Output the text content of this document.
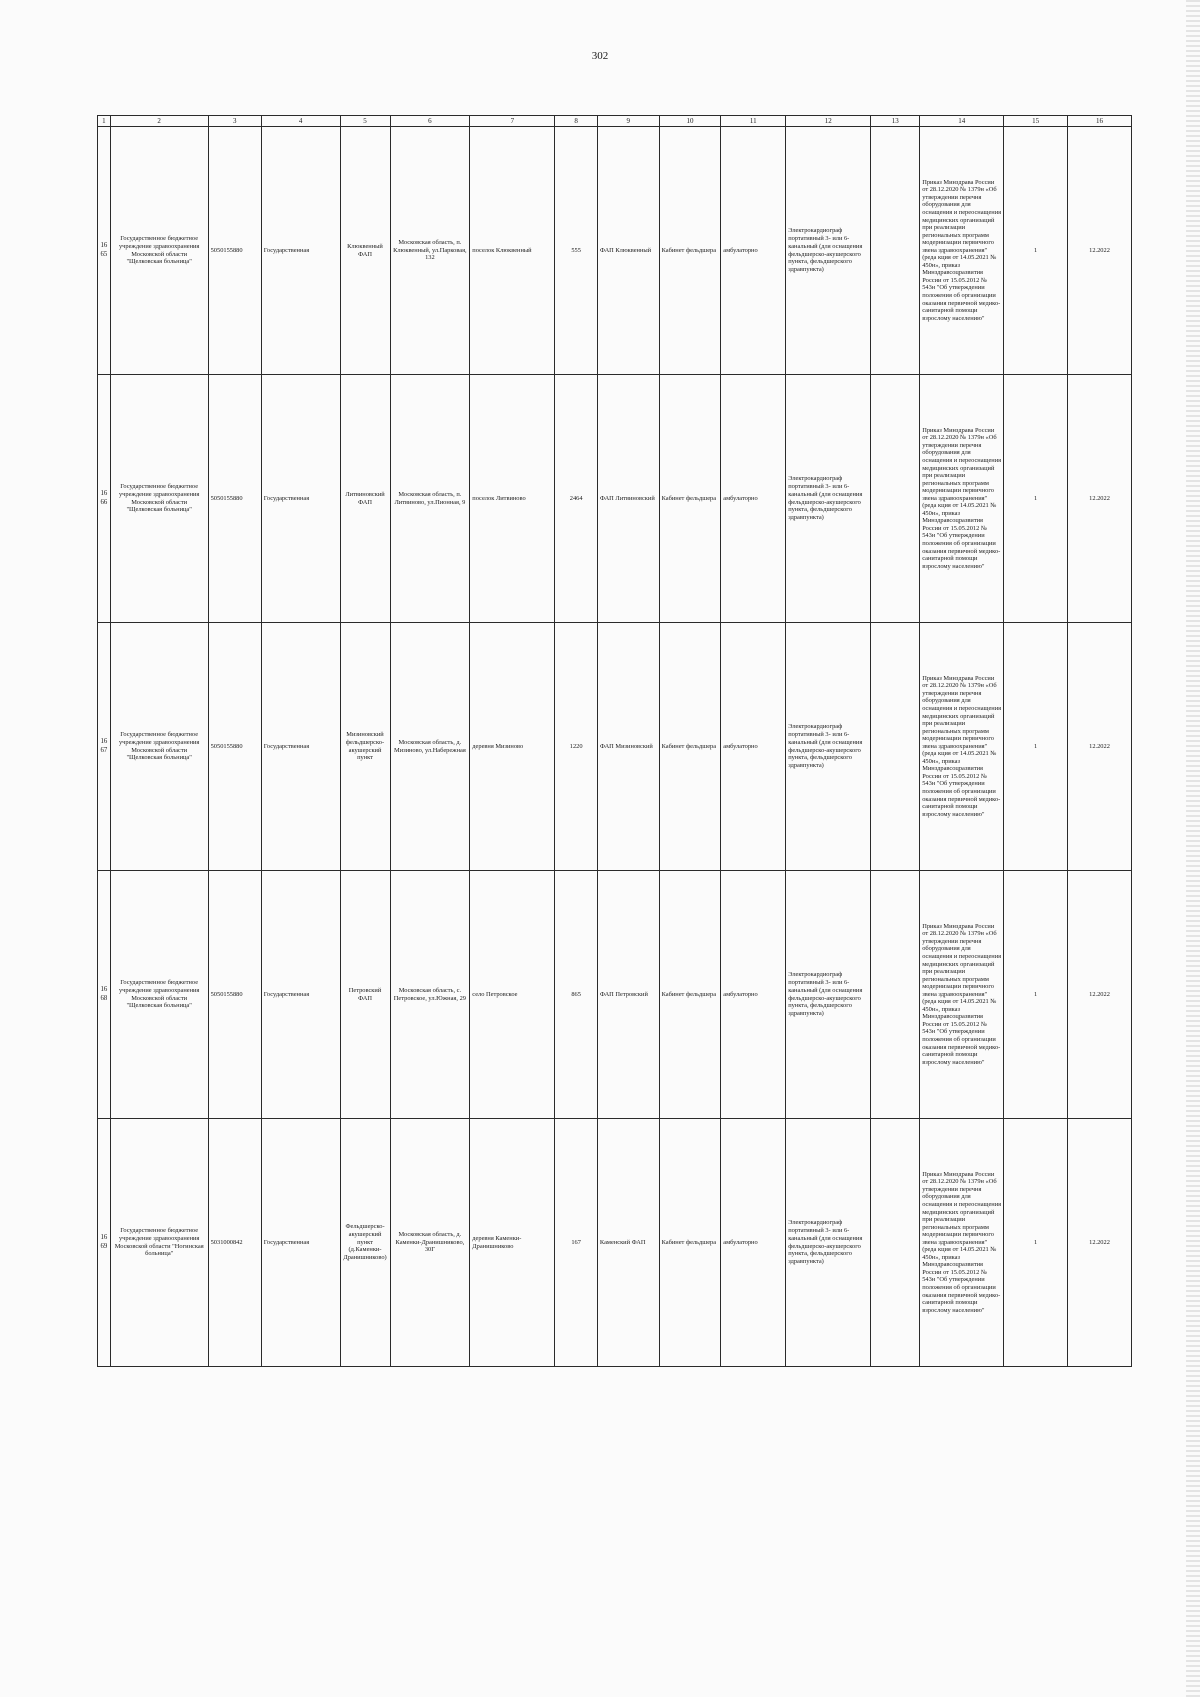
302
1	2	3	4	5	6	7	8	9	10	11	12	13	14	15	16
1665	Государственное бюджетное учреждение здравоохранения Московской области "Щелковская больница"	5050155880	Государственная	Клюквенный ФАП	Московская область, п. Клюквенный, ул.Парковая, 132	поселок Клюквенный	555	ФАП Клюквенный	Кабинет фельдшера	амбулаторно	Электрокардиограф портативный 3- или 6-канальный (для оснащения фельдшерско-акушерского пункта, фельдшерского здравпункта)		Приказ Минздрава России от 28.12.2020 № 1379н «Об утверждении перечня оборудования для оснащения и переоснащения медицинских организаций при реализации региональных программ модернизации первичного звена здравоохранения"(реда кция от 14.05.2021 № 450н», приказ Минздравсоцразвития России от 15.05.2012 № 543н "Об утверждении положения об организации оказания первичной медико-санитарной помощи взрослому населению"	1	12.2022
1666	Государственное бюджетное учреждение здравоохранения Московской области "Щелковская больница"	5050155880	Государственная	Литвиновский ФАП	Московская область, п. Литвиново, ул.Пионная, 9	поселок Литвиново	2464	ФАП Литвиновский	Кабинет фельдшера	амбулаторно	Электрокардиограф портативный 3- или 6-канальный (для оснащения фельдшерско-акушерского пункта, фельдшерского здравпункта)		Приказ Минздрава России от 28.12.2020 № 1379н «Об утверждении перечня оборудования для оснащения и переоснащения медицинских организаций при реализации региональных программ модернизации первичного звена здравоохранения"(реда кция от 14.05.2021 № 450н», приказ Минздравсоцразвития России от 15.05.2012 № 543н "Об утверждении положения об организации оказания первичной медико-санитарной помощи взрослому населению"	1	12.2022
1667	Государственное бюджетное учреждение здравоохранения Московской области "Щелковская больница"	5050155880	Государственная	Мизиновский фельдшерско-акушерский пункт	Московская область, д. Мизиново, ул.Набережная	деревня Мизиново	1220	ФАП Мизиновский	Кабинет фельдшера	амбулаторно	Электрокардиограф портативный 3- или 6-канальный (для оснащения фельдшерско-акушерского пункта, фельдшерского здравпункта)		Приказ Минздрава России от 28.12.2020 № 1379н «Об утверждении перечня оборудования для оснащения и переоснащения медицинских организаций при реализации региональных программ модернизации первичного звена здравоохранения"(реда кция от 14.05.2021 № 450н», приказ Минздравсоцразвития России от 15.05.2012 № 543н "Об утверждении положения об организации оказания первичной медико-санитарной помощи взрослому населению"	1	12.2022
1668	Государственное бюджетное учреждение здравоохранения Московской области "Щелковская больница"	5050155880	Государственная	Петровский ФАП	Московская область, с. Петровское, ул.Южная, 29	село Петровское	865	ФАП Петровский	Кабинет фельдшера	амбулаторно	Электрокардиограф портативный 3- или 6-канальный (для оснащения фельдшерско-акушерского пункта, фельдшерского здравпункта)		Приказ Минздрава России от 28.12.2020 № 1379н «Об утверждении перечня оборудования для оснащения и переоснащения медицинских организаций при реализации региональных программ модернизации первичного звена здравоохранения"(реда кция от 14.05.2021 № 450н», приказ Минздравсоцразвития России от 15.05.2012 № 543н "Об утверждении положения об организации оказания первичной медико-санитарной помощи взрослому населению"	1	12.2022
1669	Государственное бюджетное учреждение здравоохранения Московской области "Ногинская больница"	5031000842	Государственная	Фельдшерско-акушерский пункт (д.Каменки-Дранишниково)	Московская область, д. Каменки-Дранишниково, 30Г	деревня Каменки-Дранишниково	167	Каменский ФАП	Кабинет фельдшера	амбулаторно	Электрокардиограф портативный 3- или 6-канальный (для оснащения фельдшерско-акушерского пункта, фельдшерского здравпункта)		Приказ Минздрава России от 28.12.2020 № 1379н «Об утверждении перечня оборудования для оснащения и переоснащения медицинских организаций при реализации региональных программ модернизации первичного звена здравоохранения"(реда кция от 14.05.2021 № 450н», приказ Минздравсоцразвития России от 15.05.2012 № 543н "Об утверждении положения об организации оказания первичной медико-санитарной помощи взрослому населению"	1	12.2022
